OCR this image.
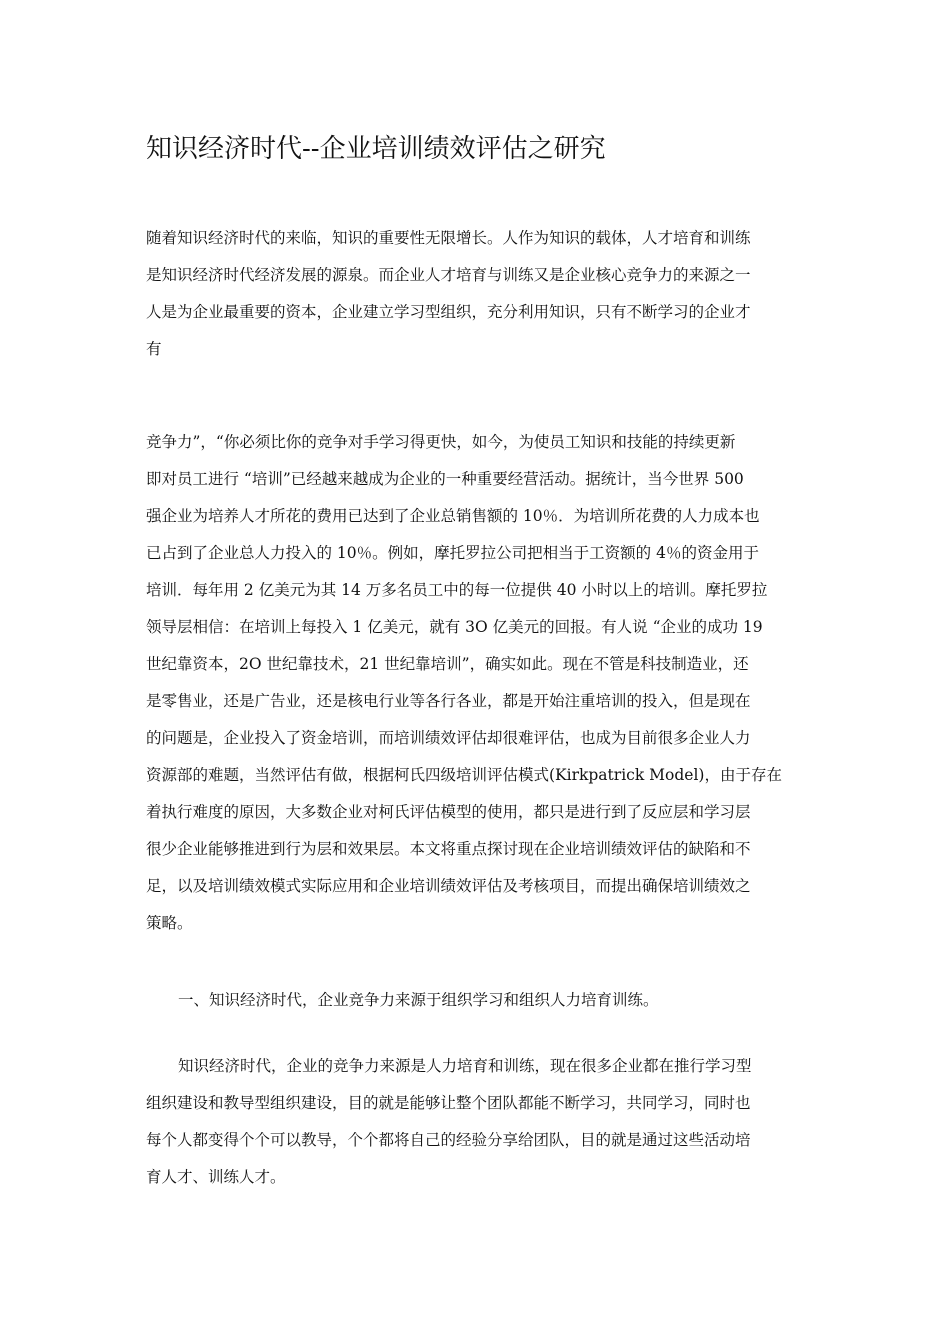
知识经济时代--企业培训绩效评估之研究

随着知识经济时代的来临，知识的重要性无限增长。人作为知识的载体，人才培育和训练
是知识经济时代经济发展的源泉。而企业人才培育与训练又是企业核心竞争力的来源之一
人是为企业最重要的资本，企业建立学习型组织，充分利用知识，只有不断学习的企业才
有

竞争力”，“你必须比你的竞争对手学习得更快，如今，为使员工知识和技能的持续更新
即对员工进行 “培训”已经越来越成为企业的一种重要经营活动。据统计，当今世界 500
强企业为培养人才所花的费用已达到了企业总销售额的 10％．为培训所花费的人力成本也
已占到了企业总人力投入的 10％。例如，摩托罗拉公司把相当于工资额的 4％的资金用于
培训．每年用 2 亿美元为其 14 万多名员工中的每一位提供 40 小时以上的培训。摩托罗拉
领导层相信：在培训上每投入 1 亿美元，就有 3O 亿美元的回报。有人说 “企业的成功 19
世纪靠资本，2O 世纪靠技术，21 世纪靠培训”，确实如此。现在不管是科技制造业，还
是零售业，还是广告业，还是核电行业等各行各业，都是开始注重培训的投入，但是现在
的问题是，企业投入了资金培训，而培训绩效评估却很难评估，也成为目前很多企业人力
资源部的难题，当然评估有做，根据柯氏四级培训评估模式(Kirkpatrick Model)，由于存在
着执行难度的原因，大多数企业对柯氏评估模型的使用，都只是进行到了反应层和学习层
很少企业能够推进到行为层和效果层。本文将重点探讨现在企业培训绩效评估的缺陷和不
足，以及培训绩效模式实际应用和企业培训绩效评估及考核项目，而提出确保培训绩效之
策略。

一、知识经济时代，企业竞争力来源于组织学习和组织人力培育训练。

知识经济时代，企业的竞争力来源是人力培育和训练，现在很多企业都在推行学习型
组织建设和教导型组织建设，目的就是能够让整个团队都能不断学习，共同学习，同时也
每个人都变得个个可以教导，个个都将自己的经验分享给团队，目的就是通过这些活动培
育人才、训练人才。
